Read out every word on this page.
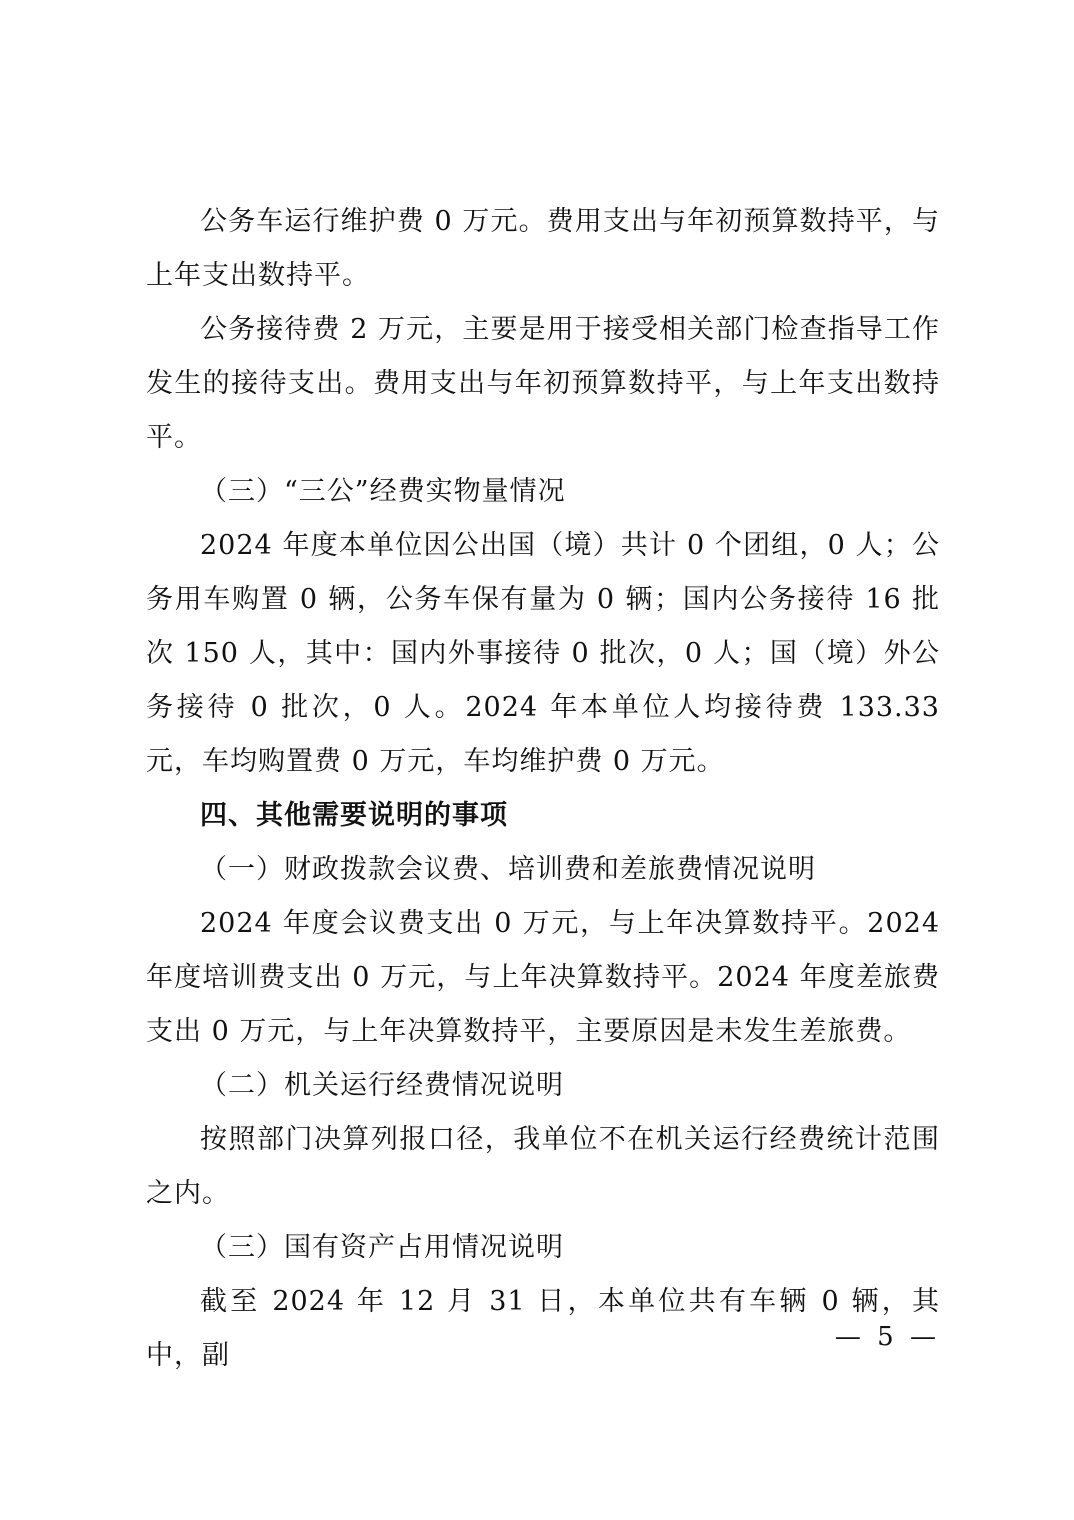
公务车运行维护费 0 万元。费用支出与年初预算数持平，与上年支出数持平。

公务接待费 2 万元，主要是用于接受相关部门检查指导工作发生的接待支出。费用支出与年初预算数持平，与上年支出数持平。

（三）“三公”经费实物量情况

2024 年度本单位因公出国（境）共计 0 个团组，0 人；公务用车购置 0 辆，公务车保有量为 0 辆；国内公务接待 16 批次 150 人，其中：国内外事接待 0 批次，0 人；国（境）外公务接待 0 批次，0 人。2024 年本单位人均接待费 133.33 元，车均购置费 0 万元，车均维护费 0 万元。

四、其他需要说明的事项

（一）财政拨款会议费、培训费和差旅费情况说明

2024 年度会议费支出 0 万元，与上年决算数持平。2024 年度培训费支出 0 万元，与上年决算数持平。2024 年度差旅费支出 0 万元，与上年决算数持平，主要原因是未发生差旅费。

（二）机关运行经费情况说明

按照部门决算列报口径，我单位不在机关运行经费统计范围之内。

（三）国有资产占用情况说明

截至 2024 年 12 月 31 日，本单位共有车辆 0 辆，其中，副

— 5 —
